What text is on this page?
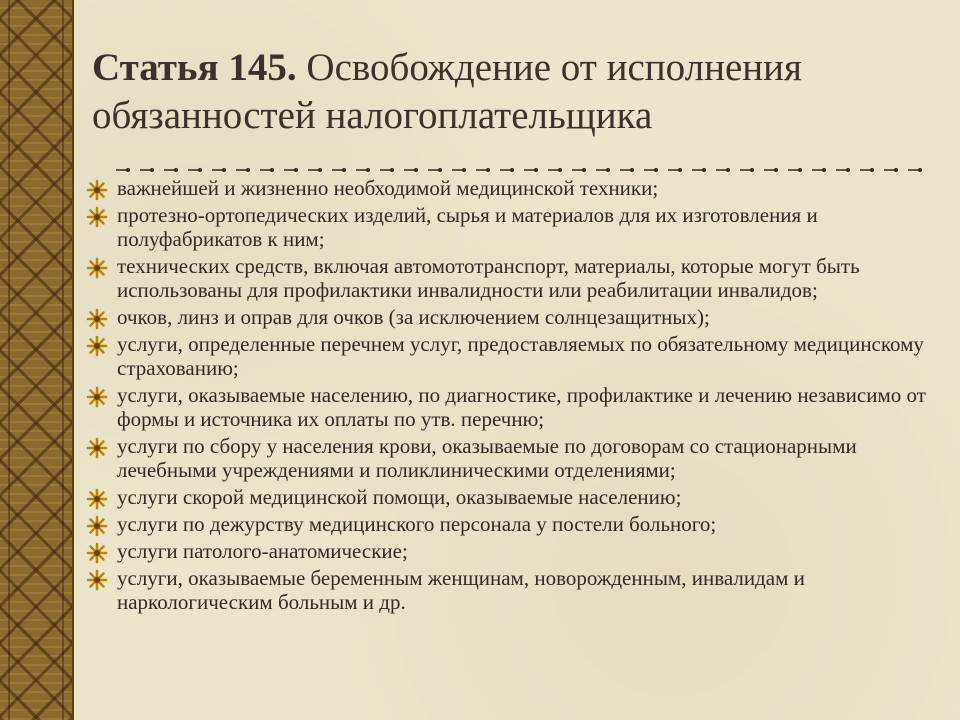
Статья 145. Освобождение от исполнения обязанностей налогоплательщика
важнейшей и жизненно необходимой медицинской техники;
протезно-ортопедических изделий, сырья и материалов для их изготовления и полуфабрикатов к ним;
технических средств, включая автомототранспорт, материалы, которые могут быть использованы для профилактики инвалидности или реабилитации инвалидов;
очков, линз и оправ для очков (за исключением солнцезащитных);
услуги, определенные перечнем услуг, предоставляемых по обязательному медицинскому страхованию;
услуги, оказываемые населению, по диагностике, профилактике и лечению независимо от формы и источника их оплаты по утв. перечню;
услуги по сбору у населения крови, оказываемые по договорам со стационарными лечебными учреждениями и поликлиническими отделениями;
услуги скорой медицинской помощи, оказываемые населению;
услуги по дежурству медицинского персонала у постели больного;
услуги патолого-анатомические;
услуги, оказываемые беременным женщинам, новорожденным, инвалидам и наркологическим больным и др.
